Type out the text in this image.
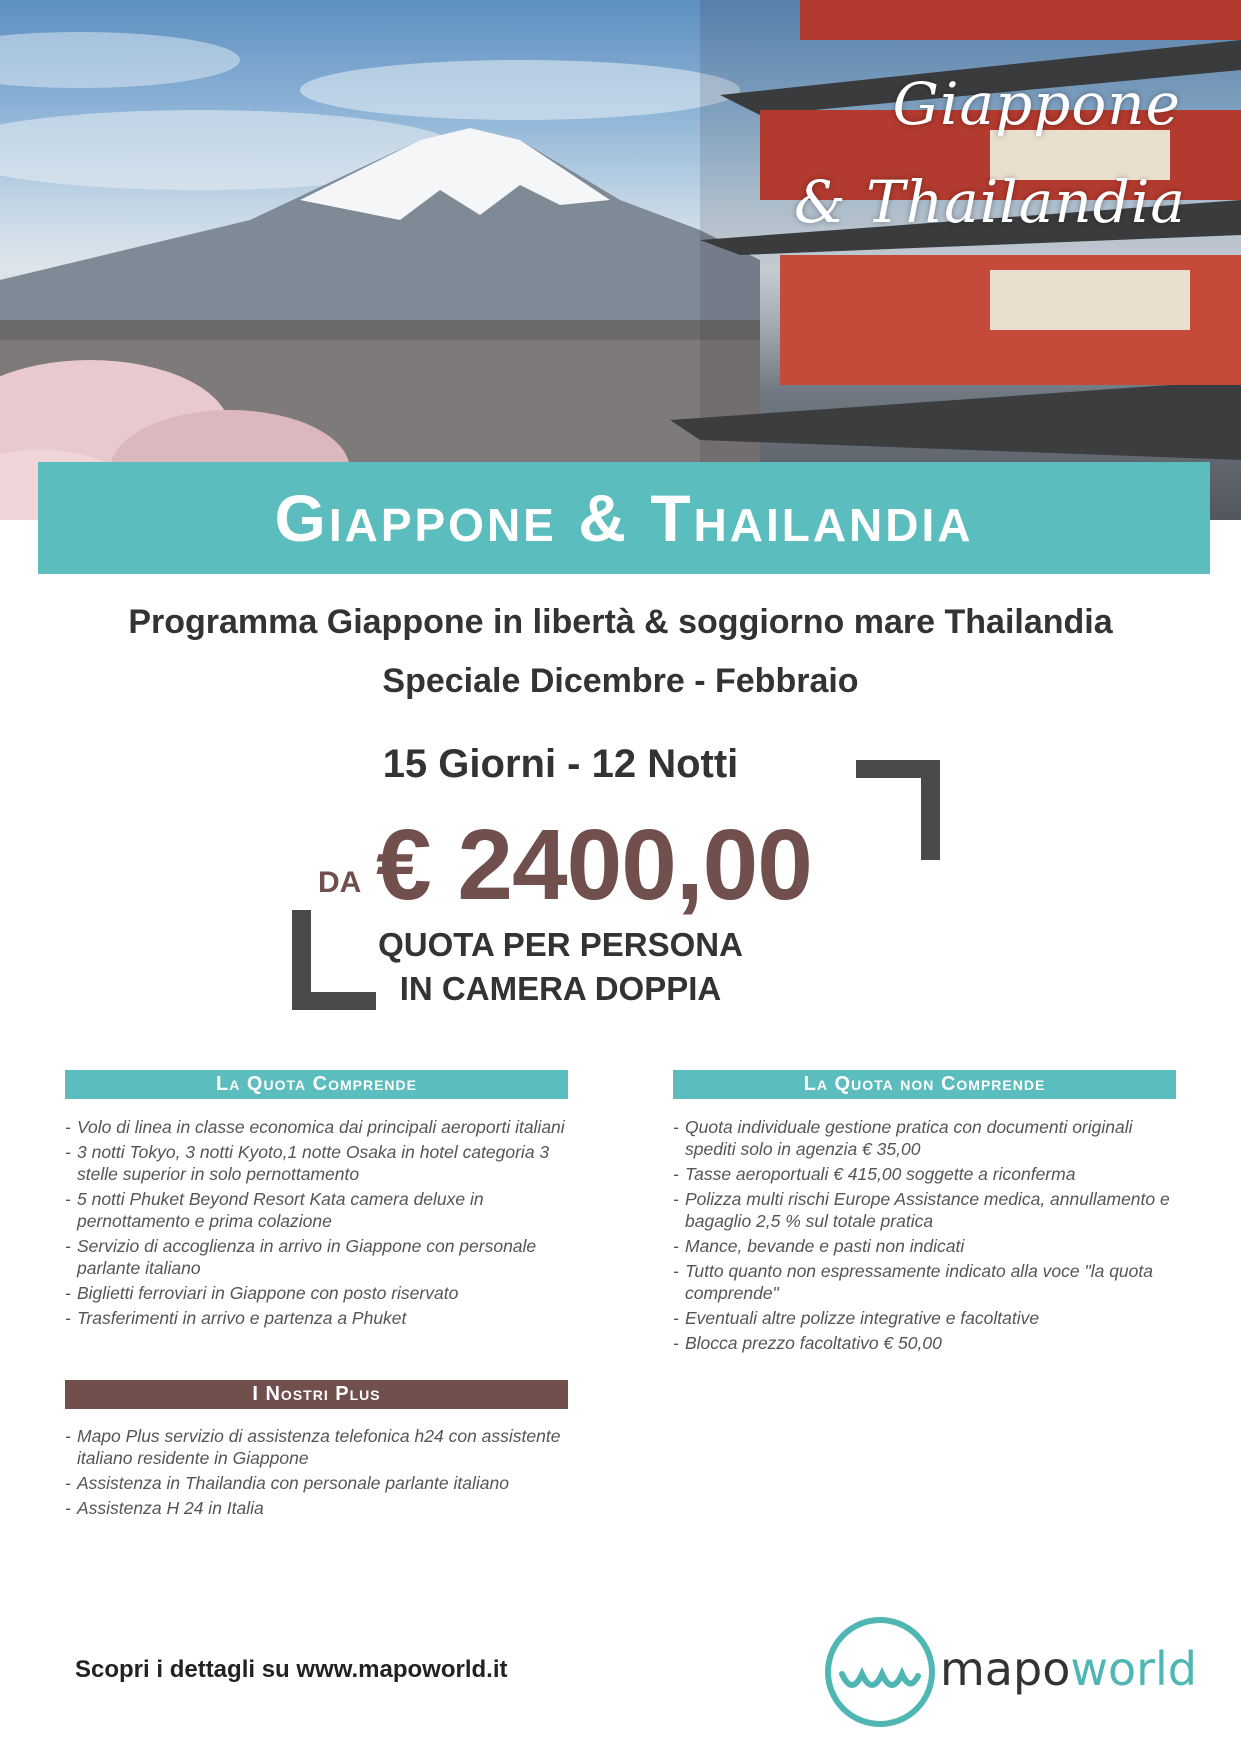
Giappone
& Thailandia
Giappone & Thailandia
Programma Giappone in libertà & soggiorno mare Thailandia
Speciale Dicembre - Febbraio
15 Giorni - 12 Notti
DA € 2400,00
QUOTA PER PERSONA
IN CAMERA DOPPIA
La Quota Comprende
- Volo di linea in classe economica dai principali aeroporti italiani
- 3 notti Tokyo, 3 notti Kyoto,1 notte Osaka in hotel categoria 3 stelle superior in solo pernottamento
- 5 notti Phuket Beyond Resort Kata camera deluxe in pernottamento e prima colazione
- Servizio di accoglienza in arrivo in Giappone con personale parlante italiano
- Biglietti ferroviari in Giappone con posto riservato
- Trasferimenti in arrivo e partenza a Phuket
La Quota non Comprende
- Quota individuale gestione pratica con documenti originali spediti solo in agenzia € 35,00
- Tasse aeroportuali € 415,00 soggette a riconferma
- Polizza multi rischi Europe Assistance medica, annullamento e bagaglio 2,5 % sul totale pratica
- Mance, bevande e pasti non indicati
- Tutto quanto non espressamente indicato alla voce "la quota comprende"
- Eventuali altre polizze integrative e facoltative
- Blocca prezzo facoltativo € 50,00
I Nostri Plus
- Mapo Plus servizio di assistenza telefonica h24 con assistente italiano residente in Giappone
- Assistenza in Thailandia con personale parlante italiano
- Assistenza H 24 in Italia
Scopri i dettagli su www.mapoworld.it	mapoworld
